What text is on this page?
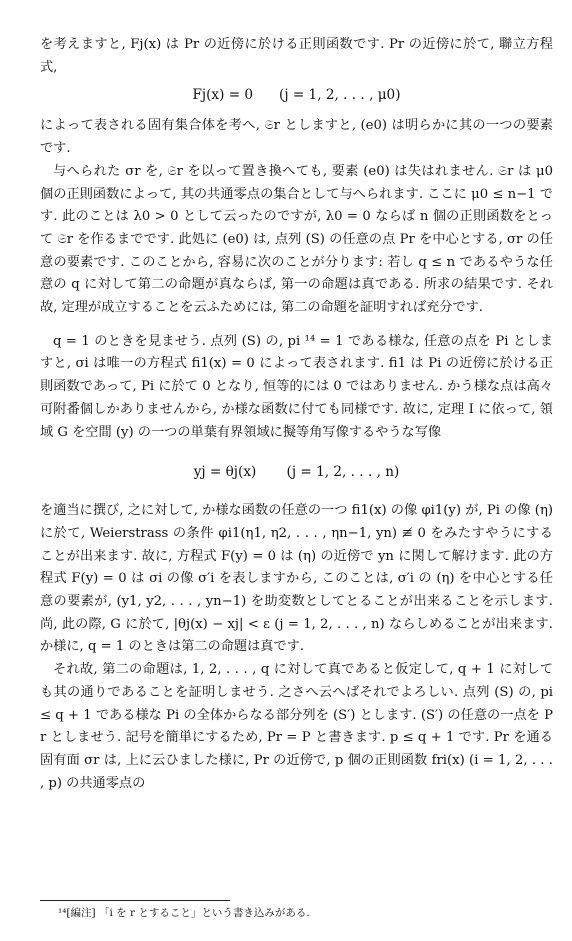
を考えますと, Fj(x) は Pr の近傍に於ける正則函数です. Pr の近傍に於て, 聯立方程式,

Fj(x) = 0      (j = 1, 2, . . . , μ0)

によって表される固有集合体を考へ, 𝔖r としますと, (e0) は明らかに其の一つの要素です.

与へられた σr を, 𝔖r を以って置き換へても, 要素 (e0) は失はれません. 𝔖r は μ0 個の正則函数によって, 其の共通零点の集合として与へられます. ここに μ0 ≤ n−1 です. 此のことは λ0 > 0 として云ったのですが, λ0 = 0 ならば n 個の正則函数をとって 𝔖r を作るまでです. 此処に (e0) は, 点列 (S) の任意の点 Pr を中心とする, σr の任意の要素です. このことから, 容易に次のことが分ります: 若し q ≤ n であるやうな任意の q に対して第二の命題が真ならば, 第一の命題は真である. 所求の結果です. それ故, 定理が成立することを云ふためには, 第二の命題を証明すれば充分です.

q = 1 のときを見ませう. 点列 (S) の, pi ¹⁴ = 1 である様な, 任意の点を Pi としますと, σi は唯一の方程式 fi1(x) = 0 によって表されます. fi1 は Pi の近傍に於ける正則函数であって, Pi に於て 0 となり, 恒等的には 0 ではありません. かう様な点は高々可附番個しかありませんから, か様な函数に付ても同様です. 故に, 定理 I に依って, 領域 G を空間 (y) の一つの単葉有界領域に擬等角写像するやうな写像

yj = θj(x)       (j = 1, 2, . . . , n)

を適当に撰び, 之に対して, か様な函数の任意の一つ fi1(x) の像 φi1(y) が, Pi の像 (η) に於て, Weierstrass の条件 φi1(η1, η2, . . . , ηn−1, yn) ≢ 0 をみたすやうにすることが出来ます. 故に, 方程式 F(y) = 0 は (η) の近傍で yn に関して解けます. 此の方程式 F(y) = 0 は σi の像 σ′i を表しますから, このことは, σ′i の (η) を中心とする任意の要素が, (y1, y2, . . . , yn−1) を助変数としてとることが出来ることを示します. 尚, 此の際, G に於て, |θj(x) − xj| < ε (j = 1, 2, . . . , n) ならしめることが出来ます. か様に, q = 1 のときは第二の命題は真です.

それ故, 第二の命題は, 1, 2, . . . , q に対して真であると仮定して, q + 1 に対しても其の通りであることを証明しませう. 之さへ云へばそれでよろしい. 点列 (S) の, pi ≤ q + 1 である様な Pi の全体からなる部分列を (S′) とします. (S′) の任意の一点を Pr としませう. 記号を簡単にするため, Pr = P と書きます. p ≤ q + 1 です. Pr を通る固有面 σr は, 上に云ひました様に, Pr の近傍で, p 個の正則函数 fri(x) (i = 1, 2, . . . , p) の共通零点の

¹⁴[編注] 「i を r とすること」という書き込みがある.
